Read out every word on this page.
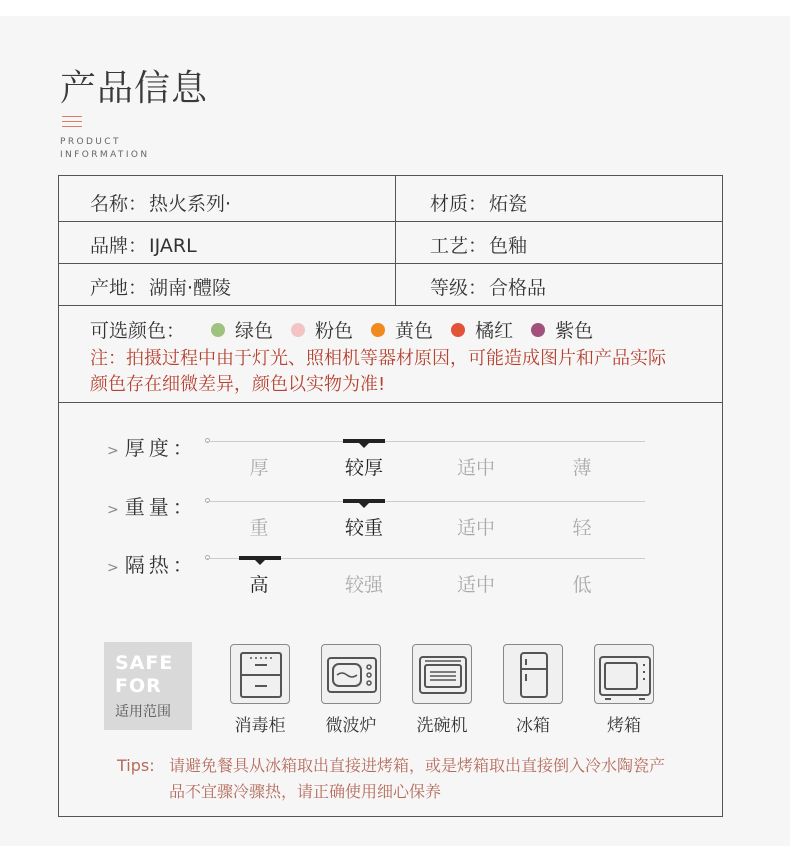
产品信息
PRODUCT
INFORMATION
名称： 热火系列·	材质： 炻瓷
品牌： IJARL	工艺： 色釉
产地： 湖南·醴陵	等级： 合格品
可选颜色：	绿色 粉色 黄色 橘红 紫色
注：拍摄过程中由于灯光、照相机等器材原因，可能造成图片和产品实际颜色存在细微差异，颜色以实物为准!
> 厚度：
厚	较厚	适中	薄
> 重量：
重	较重	适中	轻
> 隔热：
高	较强	适中	低
SAFE
FOR
适用范围
消毒柜	微波炉	洗碗机	冰箱	烤箱
Tips: 请避免餐具从冰箱取出直接进烤箱，或是烤箱取出直接倒入冷水陶瓷产品不宜骤冷骤热，请正确使用细心保养
